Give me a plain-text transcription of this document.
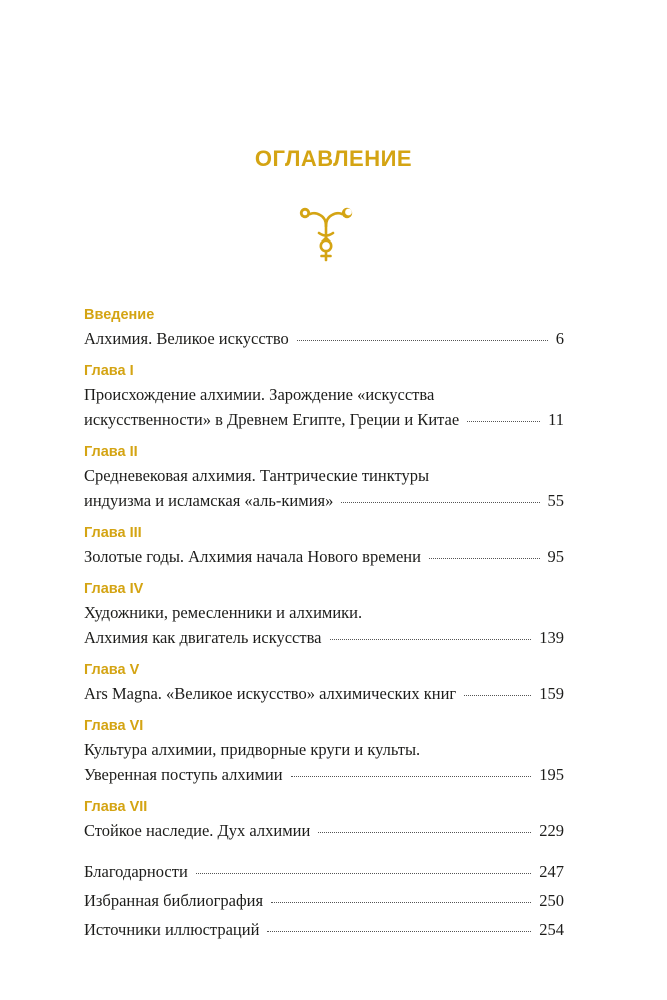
ОГЛАВЛЕНИЕ
Введение
Алхимия. Великое искусство	6
Глава I
Происхождение алхимии. Зарождение «искусства
искусственности» в Древнем Египте, Греции и Китае	11
Глава II
Средневековая алхимия. Тантрические тинктуры
индуизма и исламская «аль-кимия»	55
Глава III
Золотые годы. Алхимия начала Нового времени	95
Глава IV
Художники, ремесленники и алхимики.
Алхимия как двигатель искусства	139
Глава V
Ars Magna. «Великое искусство» алхимических книг	159
Глава VI
Культура алхимии, придворные круги и культы.
Уверенная поступь алхимии	195
Глава VII
Стойкое наследие. Дух алхимии	229
Благодарности	247
Избранная библиография	250
Источники иллюстраций	254
